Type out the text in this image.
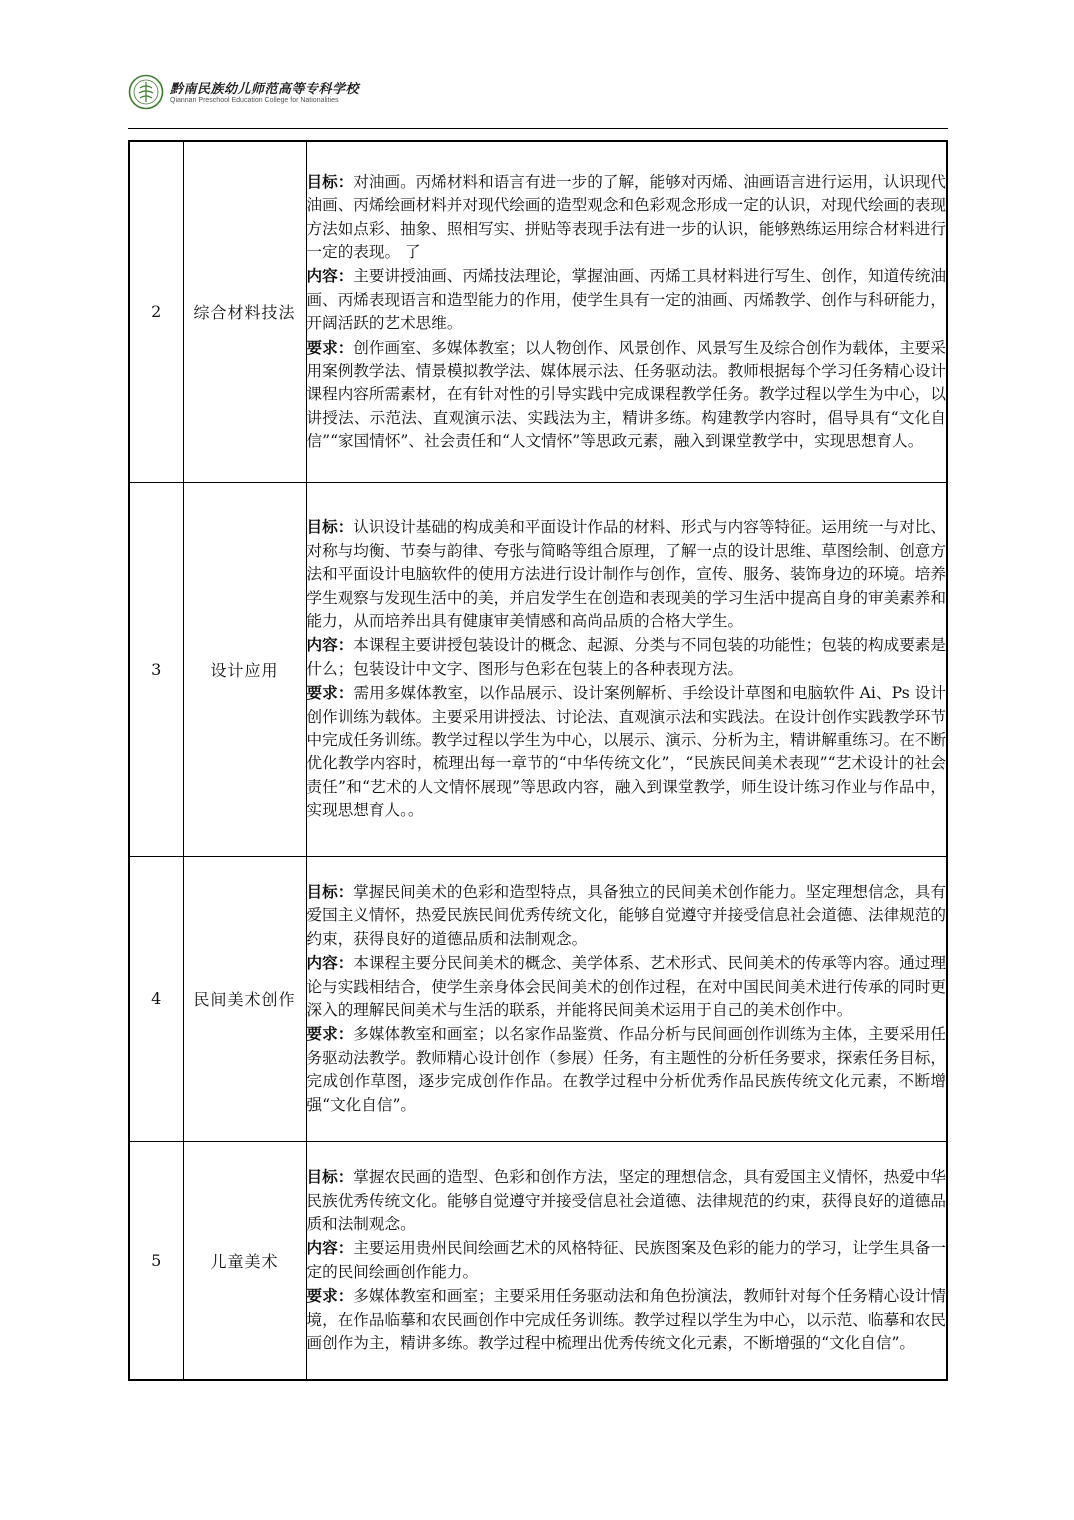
黔南民族幼儿师范高等专科学校
Qiannan Preschool Education College for Nationalities
2	综合材料技法	目标：对油画。丙烯材料和语言有进一步的了解，能够对丙烯、油画语言进行运用，认识现代油画、丙烯绘画材料并对现代绘画的造型观念和色彩观念形成一定的认识，对现代绘画的表现方法如点彩、抽象、照相写实、拼贴等表现手法有进一步的认识，能够熟练运用综合材料进行一定的表现。 了

内容：主要讲授油画、丙烯技法理论，掌握油画、丙烯工具材料进行写生、创作，知道传统油画、丙烯表现语言和造型能力的作用，使学生具有一定的油画、丙烯教学、创作与科研能力，开阔活跃的艺术思维。

要求：创作画室、多媒体教室；以人物创作、风景创作、风景写生及综合创作为载体，主要采用案例教学法、情景模拟教学法、媒体展示法、任务驱动法。教师根据每个学习任务精心设计课程内容所需素材，在有针对性的引导实践中完成课程教学任务。教学过程以学生为中心，以讲授法、示范法、直观演示法、实践法为主，精讲多练。构建教学内容时，倡导具有“文化自信”“家国情怀”、社会责任和“人文情怀”等思政元素，融入到课堂教学中，实现思想育人。

3	设计应用	目标：认识设计基础的构成美和平面设计作品的材料、形式与内容等特征。运用统一与对比、对称与均衡、节奏与韵律、夸张与简略等组合原理，了解一点的设计思维、草图绘制、创意方法和平面设计电脑软件的使用方法进行设计制作与创作，宣传、服务、装饰身边的环境。培养学生观察与发现生活中的美，并启发学生在创造和表现美的学习生活中提高自身的审美素养和能力，从而培养出具有健康审美情感和高尚品质的合格大学生。

内容：本课程主要讲授包装设计的概念、起源、分类与不同包装的功能性；包装的构成要素是什么；包装设计中文字、图形与色彩在包装上的各种表现方法。

要求：需用多媒体教室，以作品展示、设计案例解析、手绘设计草图和电脑软件 Ai、Ps 设计创作训练为载体。主要采用讲授法、讨论法、直观演示法和实践法。在设计创作实践教学环节中完成任务训练。教学过程以学生为中心，以展示、演示、分析为主，精讲解重练习。在不断优化教学内容时，梳理出每一章节的“中华传统文化”，“民族民间美术表现”“艺术设计的社会责任”和“艺术的人文情怀展现”等思政内容，融入到课堂教学，师生设计练习作业与作品中，实现思想育人。。

4	民间美术创作	目标：掌握民间美术的色彩和造型特点，具备独立的民间美术创作能力。坚定理想信念，具有爱国主义情怀，热爱民族民间优秀传统文化，能够自觉遵守并接受信息社会道德、法律规范的约束，获得良好的道德品质和法制观念。

内容：本课程主要分民间美术的概念、美学体系、艺术形式、民间美术的传承等内容。通过理论与实践相结合，使学生亲身体会民间美术的创作过程，在对中国民间美术进行传承的同时更深入的理解民间美术与生活的联系，并能将民间美术运用于自己的美术创作中。

要求：多媒体教室和画室；以名家作品鉴赏、作品分析与民间画创作训练为主体，主要采用任务驱动法教学。教师精心设计创作（参展）任务，有主题性的分析任务要求，探索任务目标，完成创作草图，逐步完成创作作品。在教学过程中分析优秀作品民族传统文化元素，不断增强“文化自信”。

5	儿童美术	目标：掌握农民画的造型、色彩和创作方法，坚定的理想信念，具有爱国主义情怀，热爱中华民族优秀传统文化。能够自觉遵守并接受信息社会道德、法律规范的约束，获得良好的道德品质和法制观念。

内容：主要运用贵州民间绘画艺术的风格特征、民族图案及色彩的能力的学习，让学生具备一定的民间绘画创作能力。

要求：多媒体教室和画室；主要采用任务驱动法和角色扮演法，教师针对每个任务精心设计情境，在作品临摹和农民画创作中完成任务训练。教学过程以学生为中心，以示范、临摹和农民画创作为主，精讲多练。教学过程中梳理出优秀传统文化元素，不断增强的“文化自信”。
